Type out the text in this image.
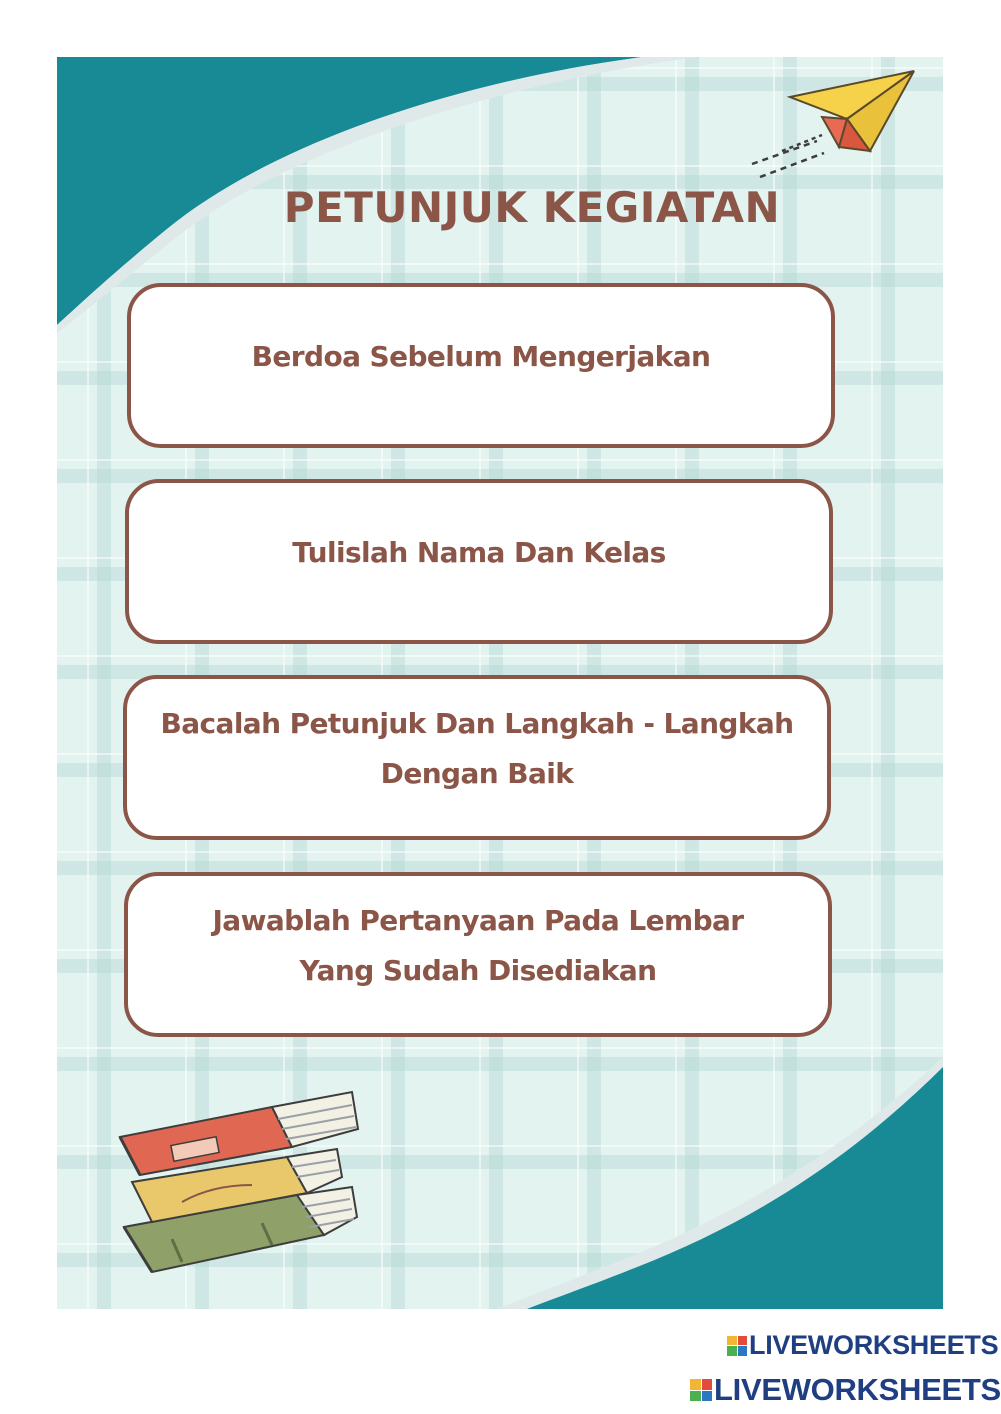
PETUNJUK KEGIATAN
Berdoa Sebelum Mengerjakan
Tulislah Nama Dan Kelas
Bacalah Petunjuk Dan Langkah - Langkah
Dengan Baik
Jawablah Pertanyaan Pada Lembar
Yang Sudah Disediakan
LIVEWORKSHEETS
LIVEWORKSHEETS
